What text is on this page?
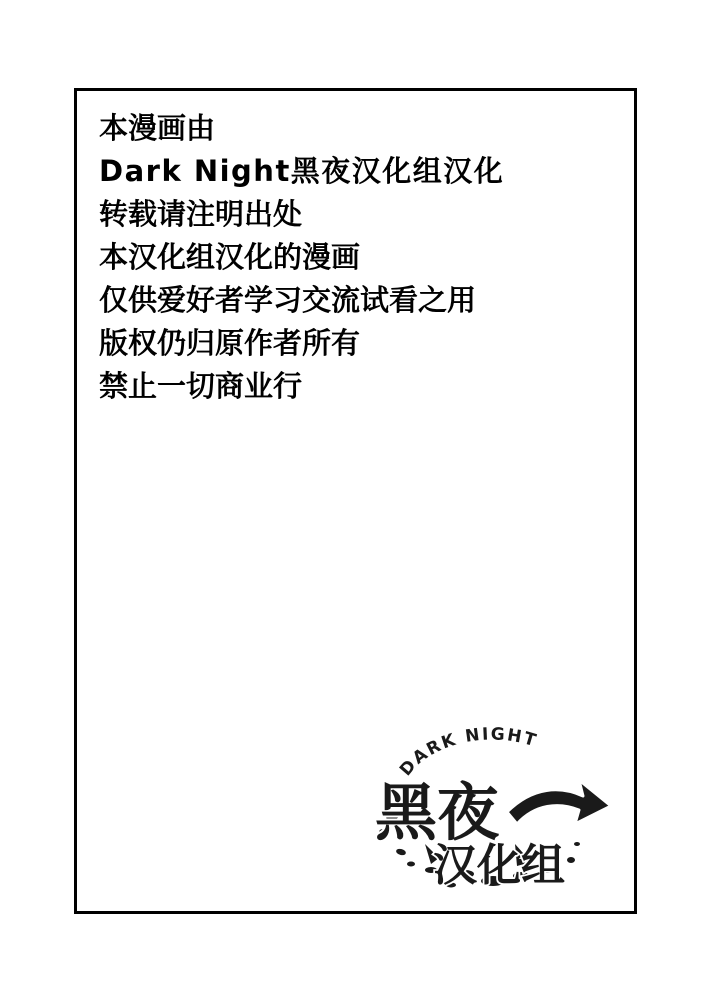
本漫画由
Dark Night黑夜汉化组汉化
转载请注明出处
本汉化组汉化的漫画
仅供爱好者学习交流试看之用
版权仍归原作者所有
禁止一切商业行
DARK NIGHT
黑夜
汉化组
